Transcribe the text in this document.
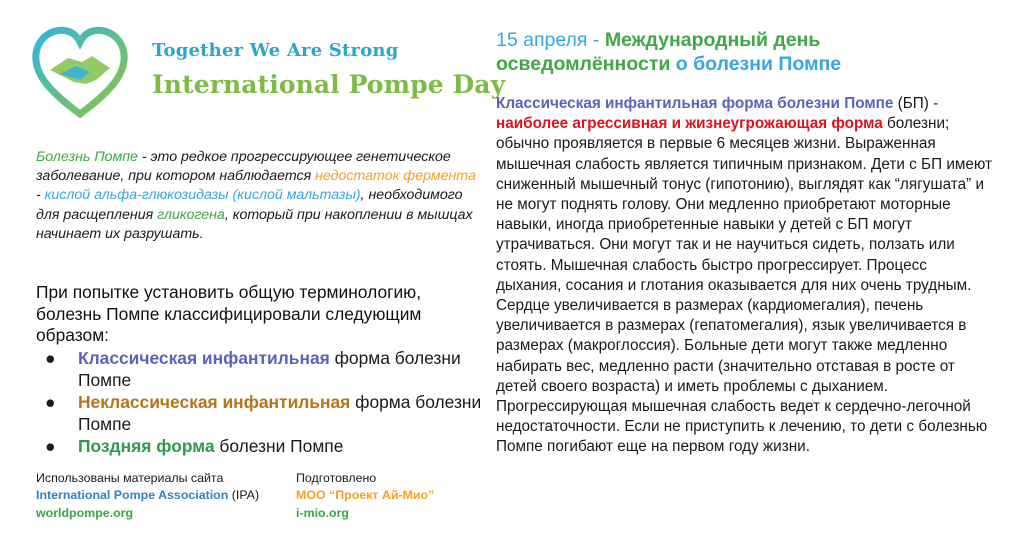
Together We Are Strong
International Pompe Day
Болезнь Помпе - это редкое прогрессирующее генетическое заболевание, при котором наблюдается недостаток фермента - кислой альфа-глюкозидазы (кислой мальтазы), необходимого для расщепления гликогена, который при накоплении в мышцах начинает их разрушать.
При попытке установить общую терминологию, болезнь Помпе классифицировали следующим образом:
● Классическая инфантильная форма болезни Помпе
● Неклассическая инфантильная форма болезни Помпе
● Поздняя форма болезни Помпе
Использованы материалы сайта
International Pompe Association (IPA)
worldpompe.org
Подготовлено
МОО “Проект Ай-Мио”
i-mio.org
15 апреля - Международный день осведомлённости о болезни Помпе
Классическая инфантильная форма болезни Помпе (БП) - наиболее агрессивная и жизнеугрожающая форма болезни; обычно проявляется в первые 6 месяцев жизни. Выраженная мышечная слабость является типичным признаком. Дети с БП имеют сниженный мышечный тонус (гипотонию), выглядят как “лягушата” и не могут поднять голову. Они медленно приобретают моторные навыки, иногда приобретенные навыки у детей с БП могут утрачиваться. Они могут так и не научиться сидеть, ползать или стоять. Мышечная слабость быстро прогрессирует. Процесс дыхания, сосания и глотания оказывается для них очень трудным. Сердце увеличивается в размерах (кардиомегалия), печень увеличивается в размерах (гепатомегалия), язык увеличивается в размерах (макроглоссия). Больные дети могут также медленно набирать вес, медленно расти (значительно отставая в росте от детей своего возраста) и иметь проблемы с дыханием. Прогрессирующая мышечная слабость ведет к сердечно-легочной недостаточности. Если не приступить к лечению, то дети с болезнью Помпе погибают еще на первом году жизни.
